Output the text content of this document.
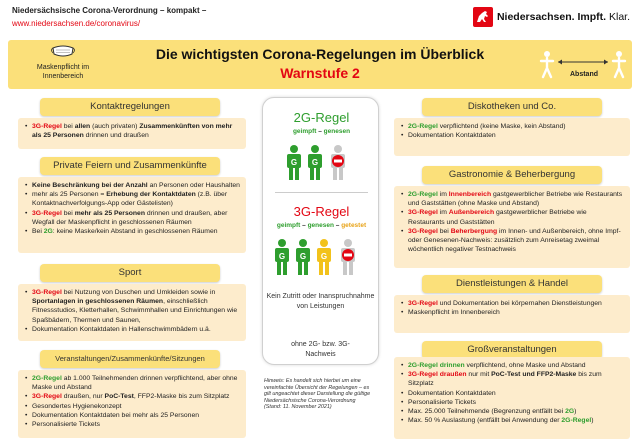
Niedersächsische Corona-Verordnung – kompakt –
www.niedersachsen.de/coronavirus/
Niedersachsen. Impft. Klar.
Maskenpflicht im Innenbereich
Die wichtigsten Corona-Regelungen im Überblick
Warnstufe 2	Abstand
Kontaktregelungen
• 3G-Regel bei allen (auch privaten) Zusammenkünften von mehr als 25 Personen drinnen und draußen
Private Feiern und Zusammenkünfte
• Keine Beschränkung bei der Anzahl an Personen oder Haushalten
• mehr als 25 Personen = Erhebung der Kontaktdaten (z.B. über Kontaktnachverfolgungs-App oder Gästelisten)
• 3G-Regel bei mehr als 25 Personen drinnen und draußen, aber Wegfall der Maskenpflicht in geschlossenen Räumen
• Bei 2G: keine Maske/kein Abstand in geschlossenen Räumen
Sport
• 3G-Regel bei Nutzung von Duschen und Umkleiden sowie in Sportanlagen in geschlossenen Räumen, einschließlich Fitnessstudios, Kletterhallen, Schwimmhallen und Einrichtungen wie Spaßbädern, Thermen und Saunen,
• Dokumentation Kontaktdaten in Hallenschwimmbädern u.ä.
Veranstaltungen/Zusammenkünfte/Sitzungen
• 2G-Regel ab 1.000 Teilnehmenden drinnen verpflichtend, aber ohne Maske und Abstand
• 3G-Regel draußen, nur PoC-Test, FFP2-Maske bis zum Sitzplatz
• Gesondertes Hygienekonzept
• Dokumentation Kontaktdaten bei mehr als 25 Personen
• Personalisierte Tickets
2G-Regel
geimpft – genesen
G G
3G-Regel
geimpft – genesen – getestet
G G G
Kein Zutritt oder Inanspruchnahme von Leistungen
ohne 2G- bzw. 3G-
Nachweis
Hinweis: Es handelt sich hierbei um eine vereinfachte Übersicht der Regelungen – es gilt ungeachtet dieser Darstellung die gültige Niedersächsische Corona-Verordnung (Stand: 11. November 2021)
Diskotheken und Co.
• 2G-Regel verpflichtend (keine Maske, kein Abstand)
• Dokumentation Kontaktdaten
Gastronomie & Beherbergung
• 2G-Regel im Innenbereich gastgewerblicher Betriebe wie Restaurants und Gaststätten (ohne Maske und Abstand)
• 3G-Regel im Außenbereich gastgewerblicher Betriebe wie Restaurants und Gaststätten
• 3G-Regel bei Beherbergung im Innen- und Außenbereich, ohne Impf- oder Genesenen-Nachweis: zusätzlich zum Anreisetag zweimal wöchentlich negativer Testnachweis
Dienstleistungen & Handel
• 3G-Regel und Dokumentation bei körpernahen Dienstleistungen
• Maskenpflicht im Innenbereich
Großveranstaltungen
• 2G-Regel drinnen verpflichtend, ohne Maske und Abstand
• 3G-Regel draußen nur mit PoC-Test und FFP2-Maske bis zum Sitzplatz
• Dokumentation Kontaktdaten
• Personalisierte Tickets
• Max. 25.000 Teilnehmende (Begrenzung entfällt bei 2G)
• Max. 50 % Auslastung (entfällt bei Anwendung der 2G-Regel)
